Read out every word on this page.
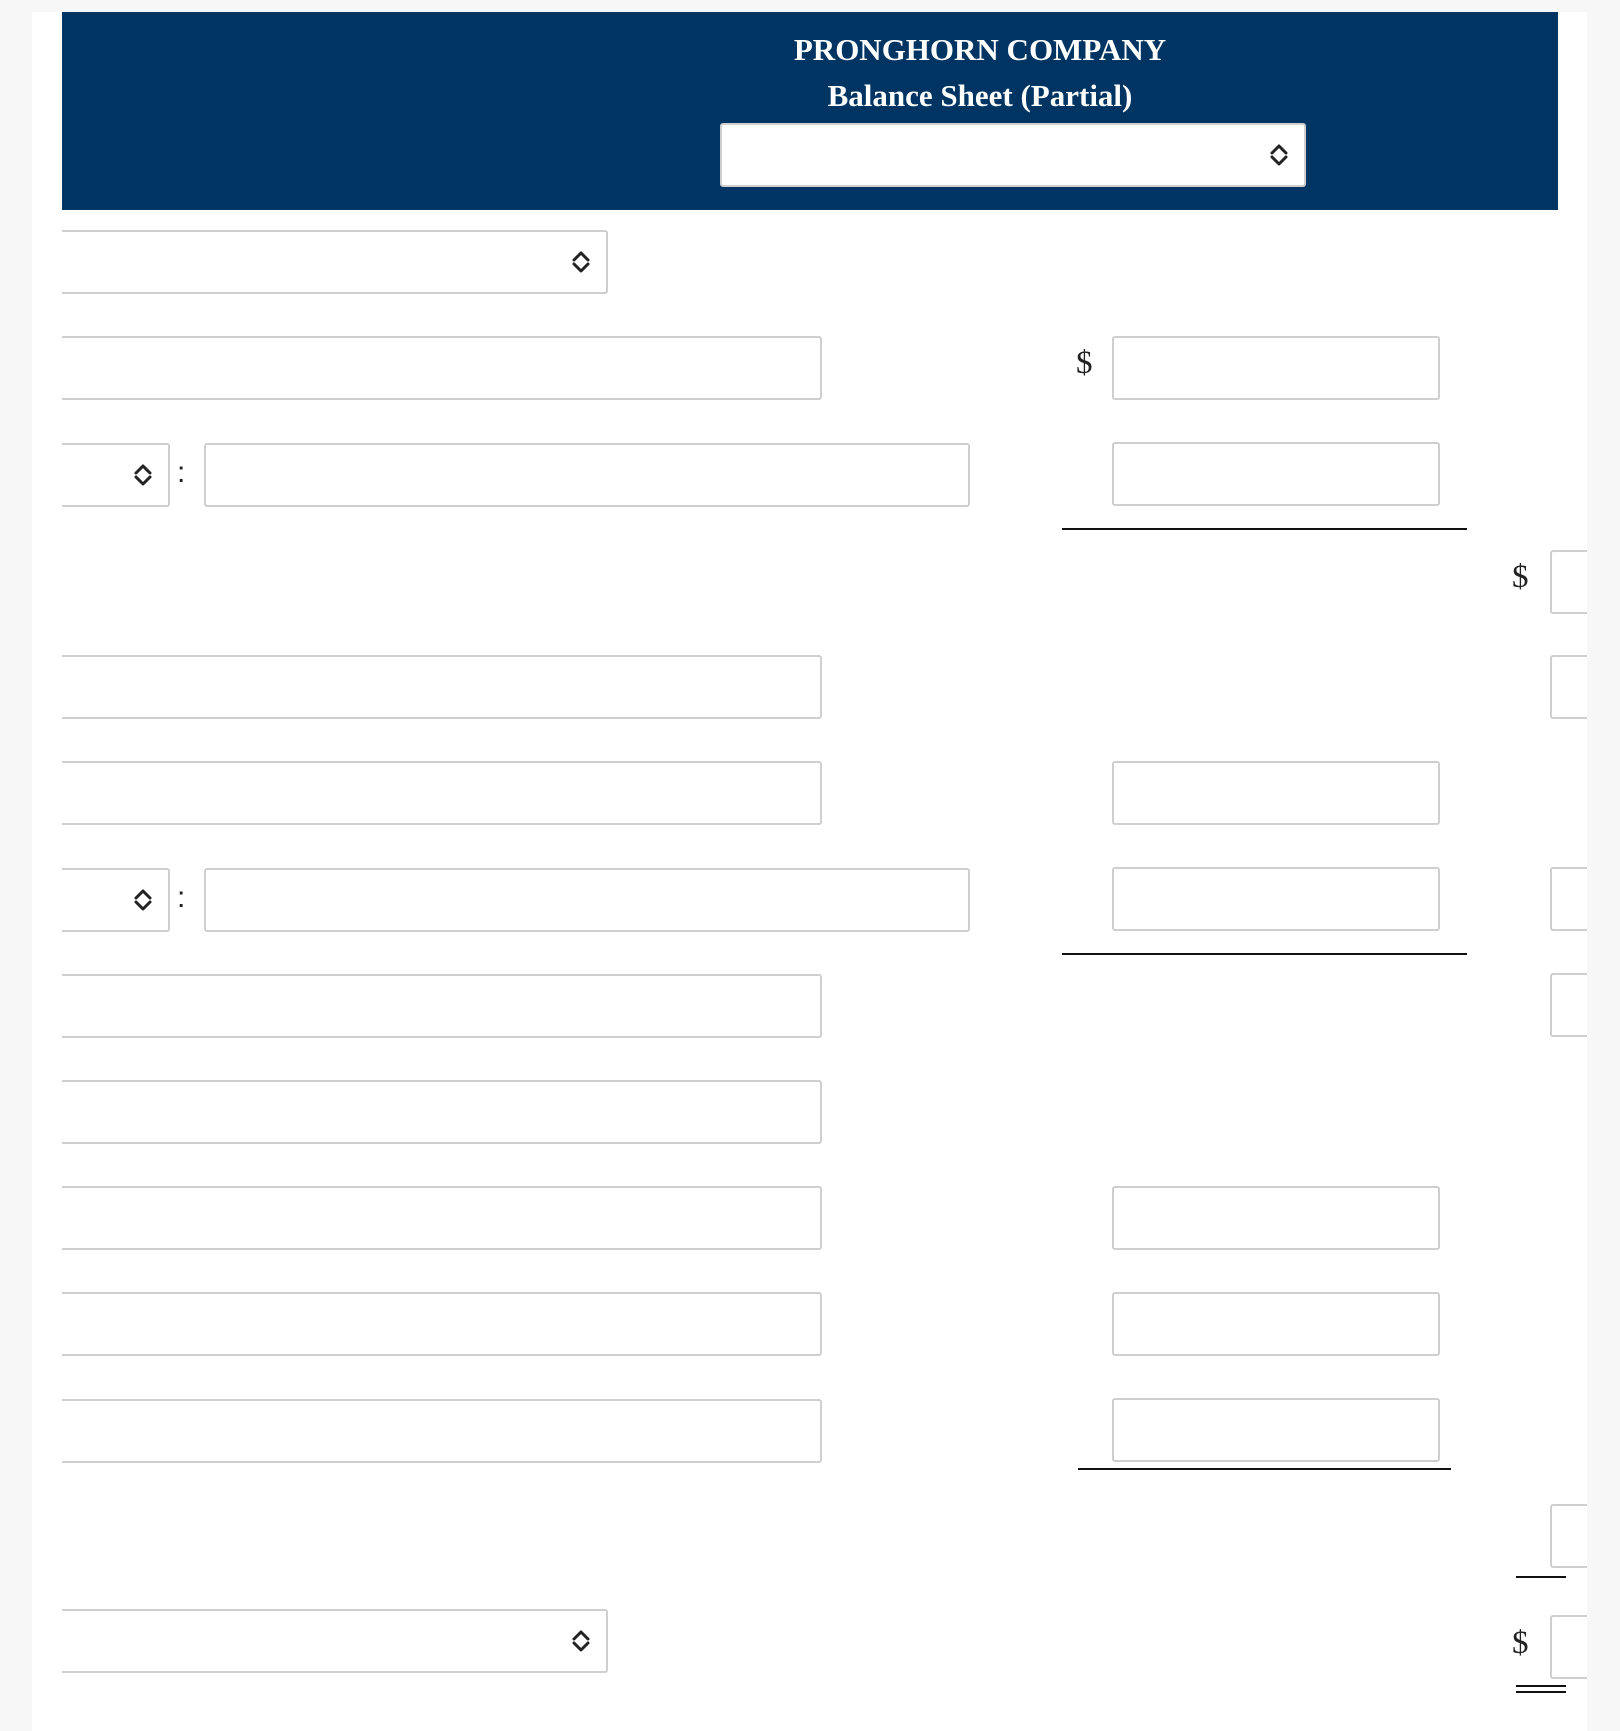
PRONGHORN COMPANY
Balance Sheet (Partial)
$
:
$
:
$
